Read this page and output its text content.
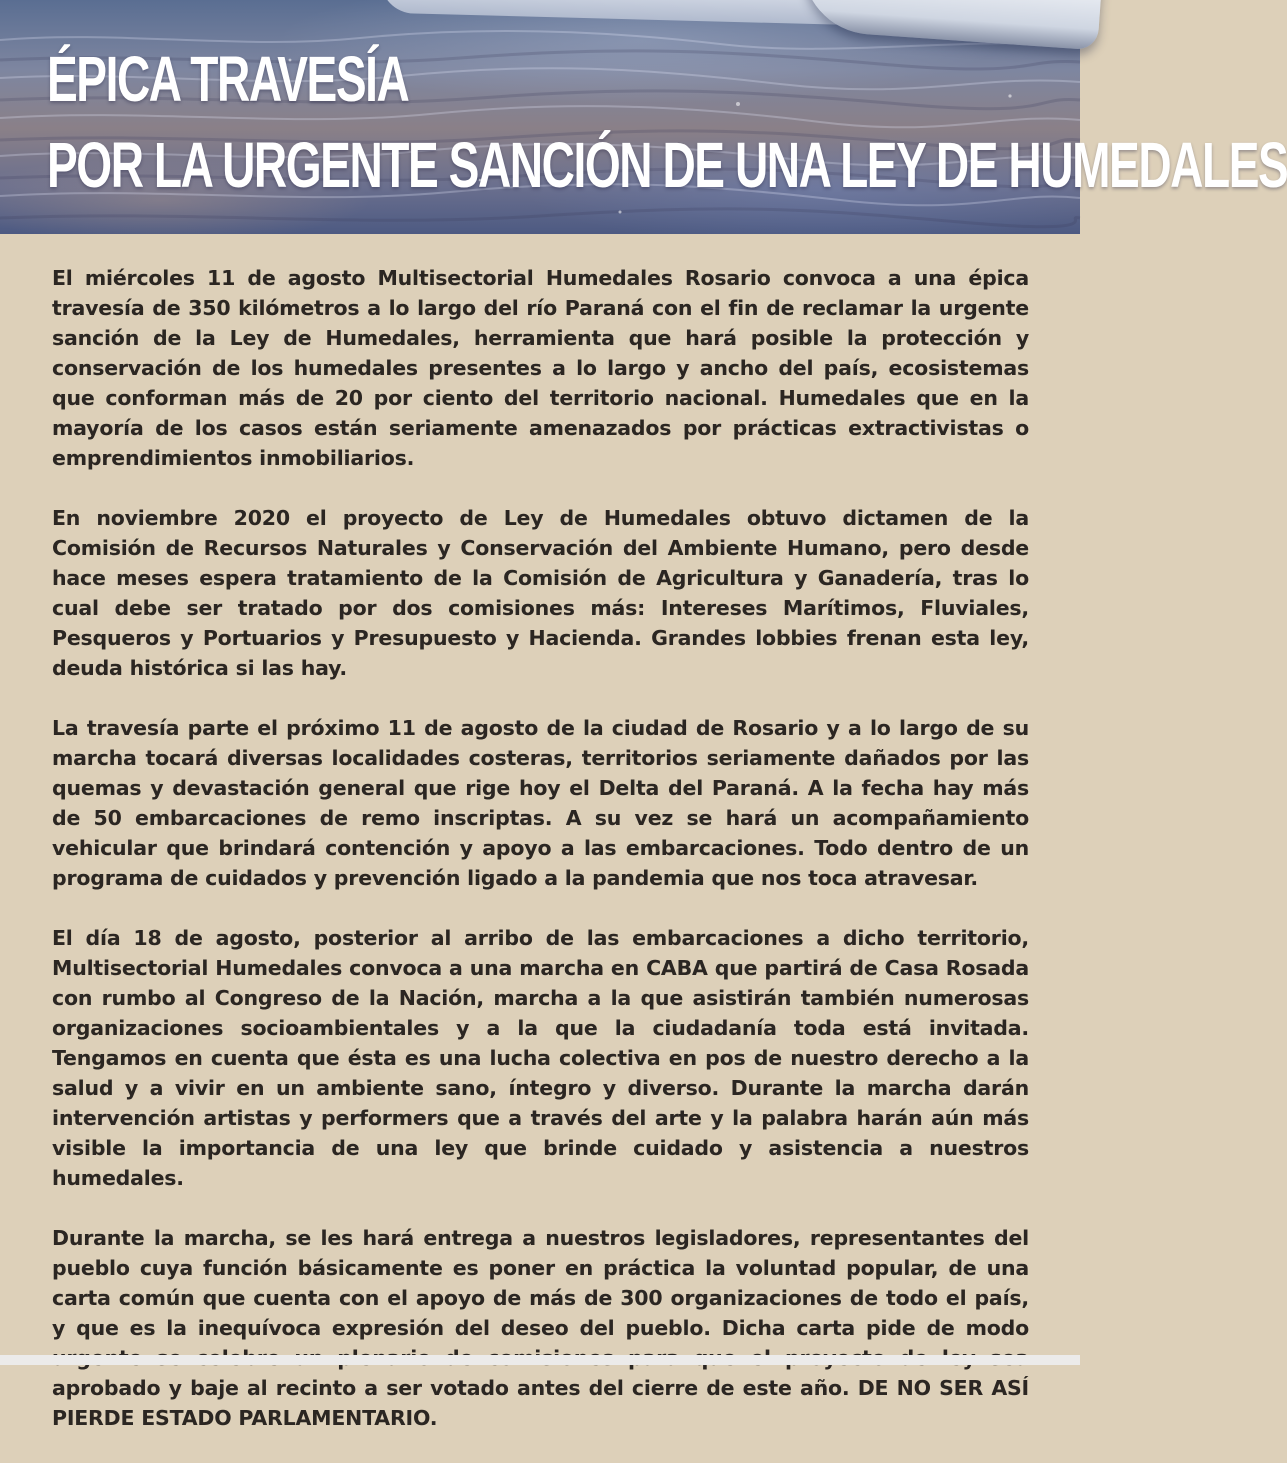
ÉPICA TRAVESÍA
POR LA URGENTE SANCIÓN DE UNA LEY DE HUMEDALES

El miércoles 11 de agosto Multisectorial Humedales Rosario convoca a una épica travesía de 350 kilómetros a lo largo del río Paraná con el fin de reclamar la urgente sanción de la Ley de Humedales, herramienta que hará posible la protección y conservación de los humedales presentes a lo largo y ancho del país, ecosistemas que conforman más de 20 por ciento del territorio nacional. Humedales que en la mayoría de los casos están seriamente amenazados por prácticas extractivistas o emprendimientos inmobiliarios.

En noviembre 2020 el proyecto de Ley de Humedales obtuvo dictamen de la Comisión de Recursos Naturales y Conservación del Ambiente Humano, pero desde hace meses espera tratamiento de la Comisión de Agricultura y Ganadería, tras lo cual debe ser tratado por dos comisiones más: Intereses Marítimos, Fluviales, Pesqueros y Portuarios y Presupuesto y Hacienda. Grandes lobbies frenan esta ley, deuda histórica si las hay.

La travesía parte el próximo 11 de agosto de la ciudad de Rosario y a lo largo de su marcha tocará diversas localidades costeras, territorios seriamente dañados por las quemas y devastación general que rige hoy el Delta del Paraná. A la fecha hay más de 50 embarcaciones de remo inscriptas. A su vez se hará un acompañamiento vehicular que brindará contención y apoyo a las embarcaciones. Todo dentro de un programa de cuidados y prevención ligado a la pandemia que nos toca atravesar.

El día 18 de agosto, posterior al arribo de las embarcaciones a dicho territorio, Multisectorial Humedales convoca a una marcha en CABA que partirá de Casa Rosada con rumbo al Congreso de la Nación, marcha a la que asistirán también numerosas organizaciones socioambientales y a la que la ciudadanía toda está invitada. Tengamos en cuenta que ésta es una lucha colectiva en pos de nuestro derecho a la salud y a vivir en un ambiente sano, íntegro y diverso. Durante la marcha darán intervención artistas y performers que a través del arte y la palabra harán aún más visible la importancia de una ley que brinde cuidado y asistencia a nuestros humedales.

Durante la marcha, se les hará entrega a nuestros legisladores, representantes del pueblo cuya función básicamente es poner en práctica la voluntad popular, de una carta común que cuenta con el apoyo de más de 300 organizaciones de todo el país, y que es la inequívoca expresión del deseo del pueblo. Dicha carta pide de modo aprobado y baje al recinto a ser votado antes del cierre de este año. DE NO SER ASÍ PIERDE ESTADO PARLAMENTARIO.
